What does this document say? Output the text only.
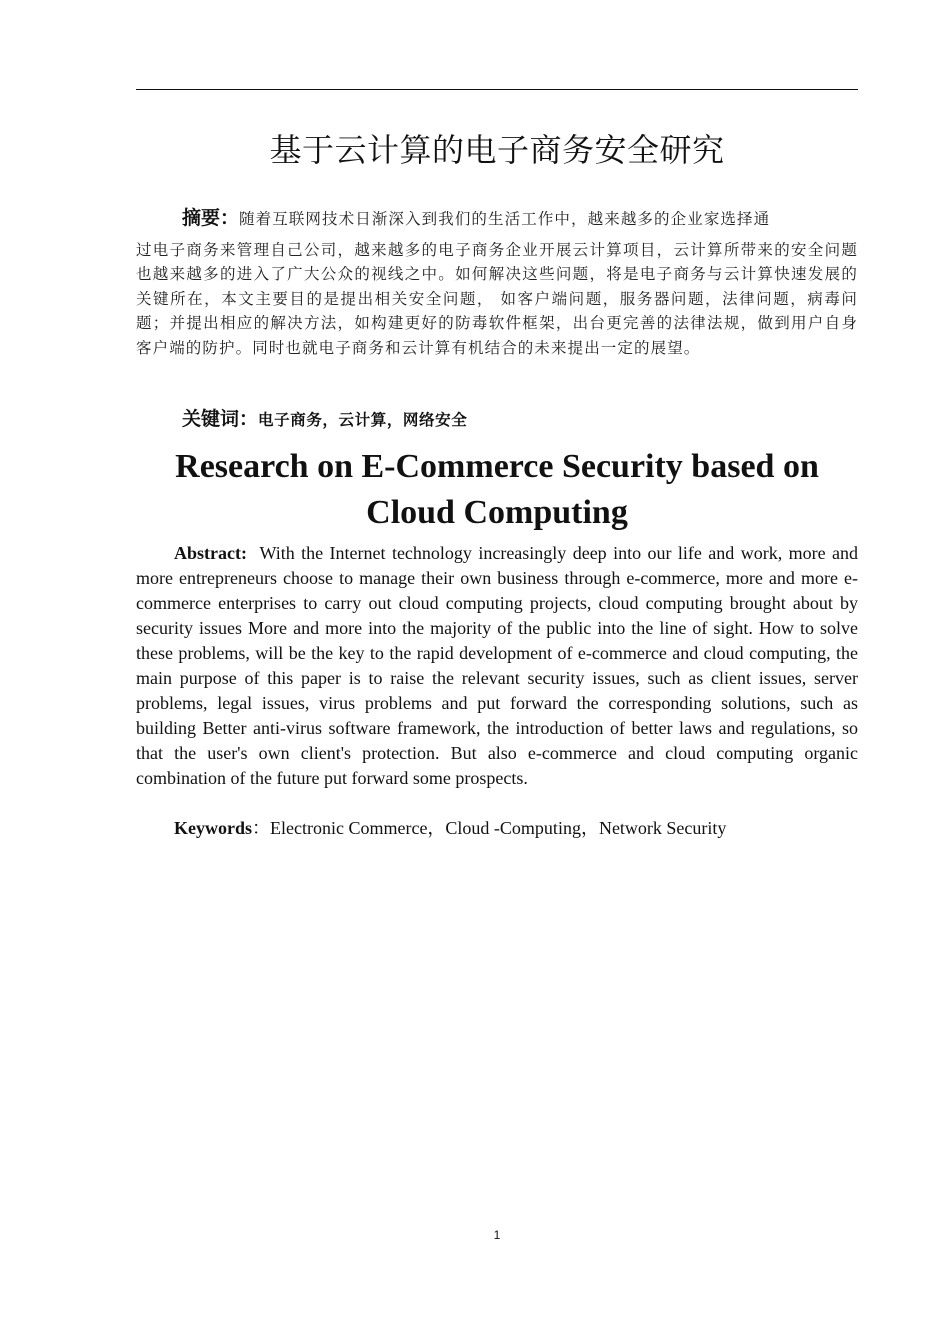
基于云计算的电子商务安全研究
摘要：随着互联网技术日渐深入到我们的生活工作中，越来越多的企业家选择通
过电子商务来管理自己公司，越来越多的电子商务企业开展云计算项目，云计算所带来的安全问题也越来越多的进入了广大公众的视线之中。如何解决这些问题，将是电子商务与云计算快速发展的关键所在，本文主要目的是提出相关安全问题， 如客户端问题，服务器问题，法律问题，病毒问题；并提出相应的解决方法，如构建更好的防毒软件框架，出台更完善的法律法规，做到用户自身客户端的防护。同时也就电子商务和云计算有机结合的未来提出一定的展望。
关键词：电子商务，云计算，网络安全
Research on E-Commerce Security based on Cloud Computing
Abstract: With the Internet technology increasingly deep into our life and work, more and more entrepreneurs choose to manage their own business through e-commerce, more and more e-commerce enterprises to carry out cloud computing projects, cloud computing brought about by security issues More and more into the majority of the public into the line of sight. How to solve these problems, will be the key to the rapid development of e-commerce and cloud computing, the main purpose of this paper is to raise the relevant security issues, such as client issues, server problems, legal issues, virus problems and put forward the corresponding solutions, such as building Better anti-virus software framework, the introduction of better laws and regulations, so that the user's own client's protection. But also e-commerce and cloud computing organic combination of the future put forward some prospects.
Keywords：Electronic Commerce，Cloud -Computing，Network Security
1
